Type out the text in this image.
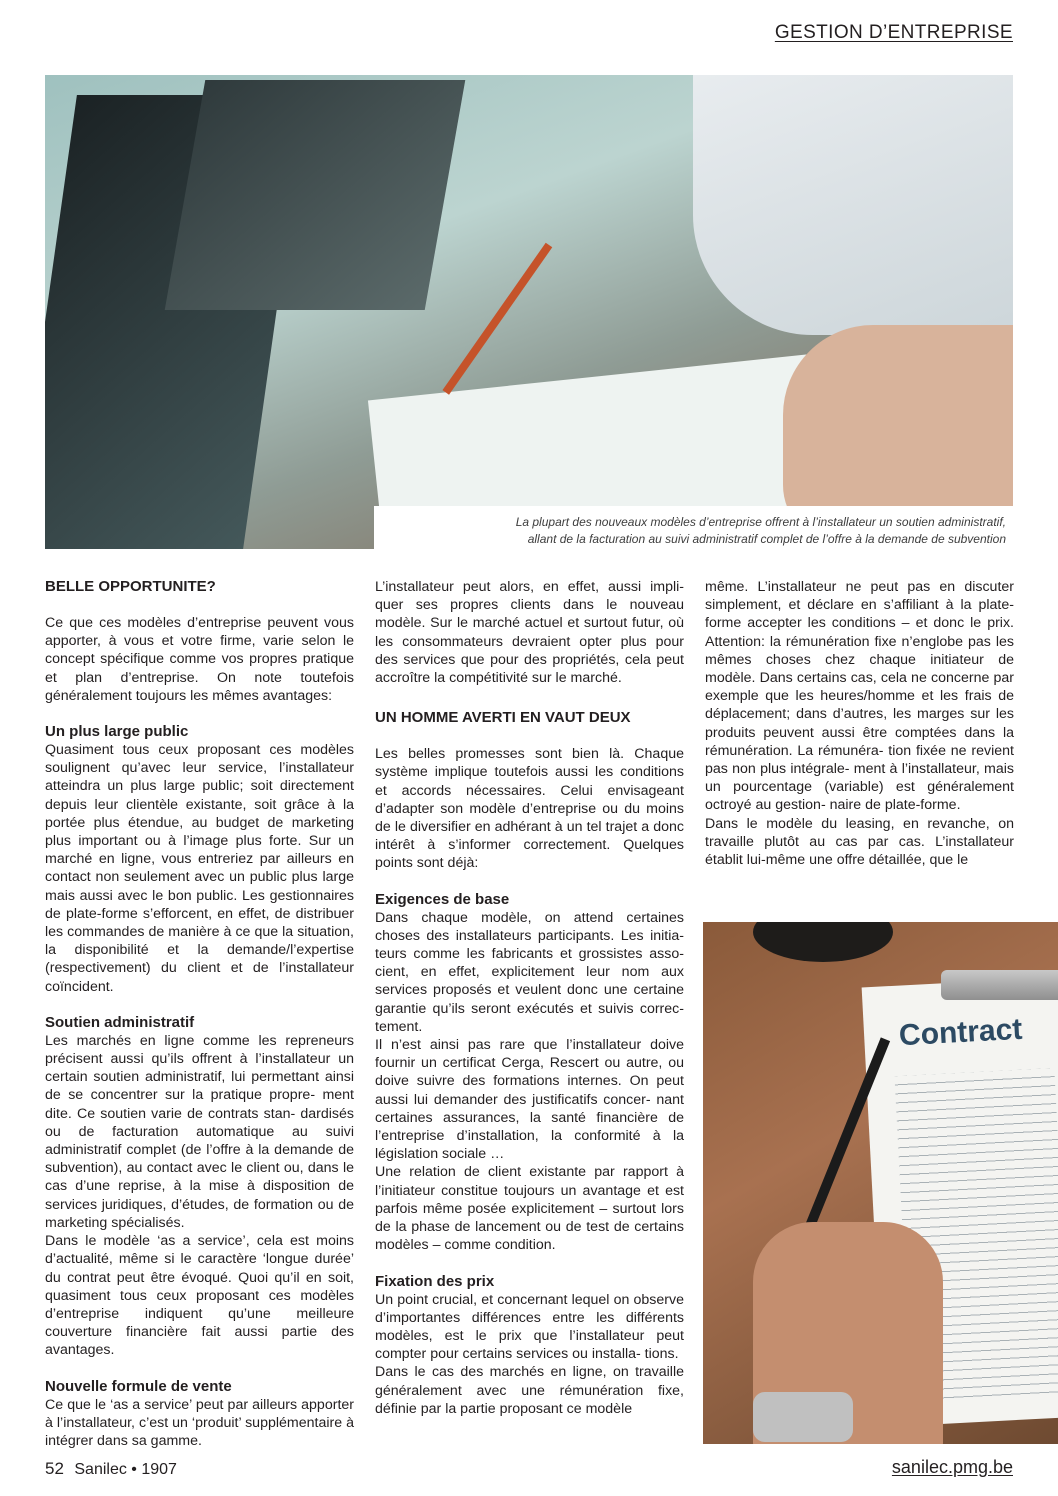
GESTION D’ENTREPRISE
La plupart des nouveaux modèles d’entreprise offrent à l’installateur un soutien administratif,
allant de la facturation au suivi administratif complet de l’offre à la demande de subvention

BELLE OPPORTUNITE?

Ce que ces modèles d’entreprise peuvent vous apporter, à vous et votre firme, varie selon le concept spécifique comme vos propres pratique et plan d’entreprise. On note toutefois généralement toujours les mêmes avantages:

Un plus large public

Quasiment tous ceux proposant ces modèles soulignent qu’avec leur service, l’installateur atteindra un plus large public; soit directement depuis leur clientèle existante, soit grâce à la portée plus étendue, au budget de marketing plus important ou à l’image plus forte. Sur un marché en ligne, vous entreriez par ailleurs en contact non seulement avec un public plus large mais aussi avec le bon public. Les gestionnaires de plate-forme s’efforcent, en effet, de distribuer les commandes de manière à ce que la situation, la disponibilité et la demande/l’expertise (respectivement) du client et de l’installateur coïncident.

Soutien administratif

Les marchés en ligne comme les repreneurs précisent aussi qu’ils offrent à l’installateur un certain soutien administratif, lui permettant ainsi de se concentrer sur la pratique propre- ment dite. Ce soutien varie de contrats stan- dardisés ou de facturation automatique au suivi administratif complet (de l’offre à la demande de subvention), au contact avec le client ou, dans le cas d’une reprise, à la mise à disposition de services juridiques, d’études, de formation ou de marketing spécialisés.

Dans le modèle ‘as a service’, cela est moins d’actualité, même si le caractère ‘longue durée’ du contrat peut être évoqué. Quoi qu’il en soit, quasiment tous ceux proposant ces modèles d’entreprise indiquent qu’une meilleure couverture financière fait aussi partie des avantages.

Nouvelle formule de vente

Ce que le ‘as a service’ peut par ailleurs apporter à l’installateur, c’est un ‘produit’ supplémentaire à intégrer dans sa gamme.

L’installateur peut alors, en effet, aussi impli- quer ses propres clients dans le nouveau modèle. Sur le marché actuel et surtout futur, où les consommateurs devraient opter plus pour des services que pour des propriétés, cela peut accroître la compétitivité sur le marché.

UN HOMME AVERTI EN VAUT DEUX

Les belles promesses sont bien là. Chaque système implique toutefois aussi les conditions et accords nécessaires. Celui envisageant d’adapter son modèle d’entreprise ou du moins de le diversifier en adhérant à un tel trajet a donc intérêt à s’informer correctement. Quelques points sont déjà:

Exigences de base

Dans chaque modèle, on attend certaines choses des installateurs participants. Les initia- teurs comme les fabricants et grossistes asso- cient, en effet, explicitement leur nom aux services proposés et veulent donc une certaine garantie qu’ils seront exécutés et suivis correc- tement.

Il n’est ainsi pas rare que l’installateur doive fournir un certificat Cerga, Rescert ou autre, ou doive suivre des formations internes. On peut aussi lui demander des justificatifs concer- nant certaines assurances, la santé financière de l’entreprise d’installation, la conformité à la législation sociale …

Une relation de client existante par rapport à l’initiateur constitue toujours un avantage et est parfois même posée explicitement – surtout lors de la phase de lancement ou de test de certains modèles – comme condition.

Fixation des prix

Un point crucial, et concernant lequel on observe d’importantes différences entre les différents modèles, est le prix que l’installateur peut compter pour certains services ou installa- tions.

Dans le cas des marchés en ligne, on travaille généralement avec une rémunération fixe, définie par la partie proposant ce modèle

même. L’installateur ne peut pas en discuter simplement, et déclare en s’affiliant à la plate- forme accepter les conditions – et donc le prix. Attention: la rémunération fixe n’englobe pas les mêmes choses chez chaque initiateur de modèle. Dans certains cas, cela ne concerne par exemple que les heures/homme et les frais de déplacement; dans d’autres, les marges sur les produits peuvent aussi être comptées dans la rémunération. La rémunéra- tion fixée ne revient pas non plus intégrale- ment à l’installateur, mais un pourcentage (variable) est généralement octroyé au gestion- naire de plate-forme.

Dans le modèle du leasing, en revanche, on travaille plutôt au cas par cas. L’installateur établit lui-même une offre détaillée, que le

Contract
52 Sanilec • 1907	sanilec.pmg.be
